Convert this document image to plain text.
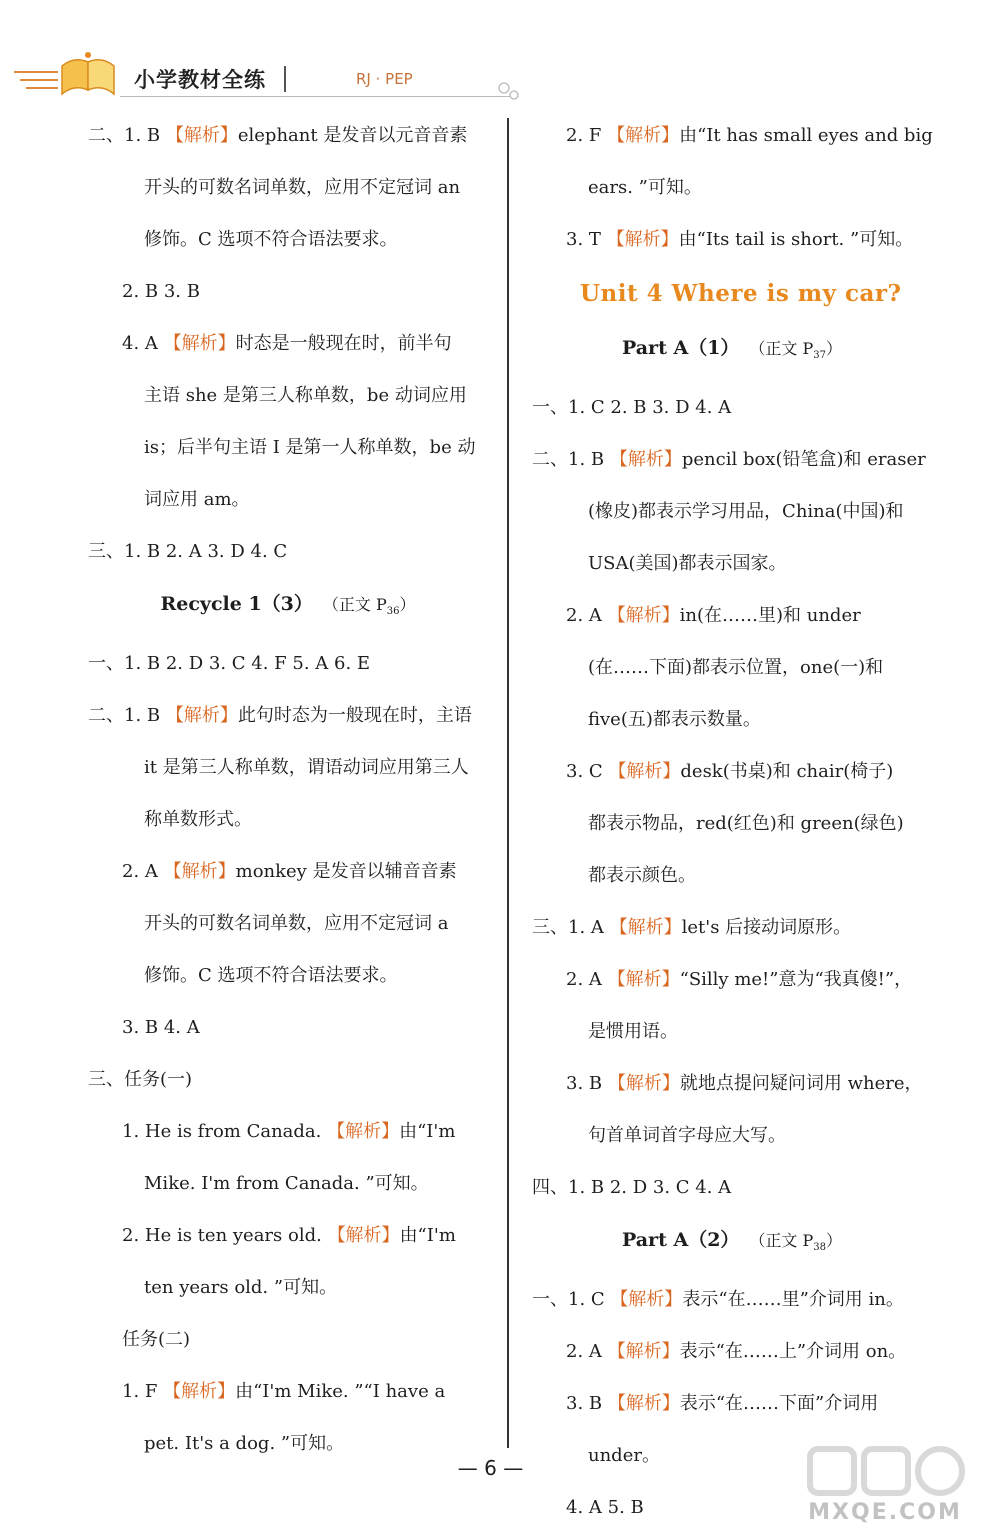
小学教材全练	RJ · PEP
二、1. B 【解析】elephant 是发音以元音音素
开头的可数名词单数，应用不定冠词 an
修饰。C 选项不符合语法要求。
2. B 3. B
4. A 【解析】时态是一般现在时，前半句
主语 she 是第三人称单数，be 动词应用
is；后半句主语 I 是第一人称单数，be 动
词应用 am。
三、1. B 2. A 3. D 4. C
Recycle 1（3） （正文 $P_{36}$）
一、1. B 2. D 3. C 4. F 5. A 6. E
二、1. B 【解析】此句时态为一般现在时，主语
it 是第三人称单数，谓语动词应用第三人
称单数形式。
2. A 【解析】monkey 是发音以辅音音素
开头的可数名词单数，应用不定冠词 a
修饰。C 选项不符合语法要求。
3. B 4. A
三、任务(一)
1. He is from Canada. 【解析】由“I'm
Mike. I'm from Canada. ”可知。
2. He is ten years old. 【解析】由“I'm
ten years old. ”可知。
任务(二)
1. F 【解析】由“I'm Mike. ”“I have a
pet. It's a dog. ”可知。
2. F 【解析】由“It has small eyes and big
ears. ”可知。
3. T 【解析】由“Its tail is short. ”可知。
Unit 4 Where is my car?
Part A（1） （正文 $P_{37}$）
一、1. C 2. B 3. D 4. A
二、1. B 【解析】pencil box(铅笔盒)和 eraser
(橡皮)都表示学习用品，China(中国)和
USA(美国)都表示国家。
2. A 【解析】in(在……里)和 under
(在……下面)都表示位置，one(一)和
five(五)都表示数量。
3. C 【解析】desk(书桌)和 chair(椅子)
都表示物品，red(红色)和 green(绿色)
都表示颜色。
三、1. A 【解析】let's 后接动词原形。
2. A 【解析】“Silly me!”意为“我真傻!”，
是惯用语。
3. B 【解析】就地点提问疑问词用 where，
句首单词首字母应大写。
四、1. B 2. D 3. C 4. A
Part A（2） （正文 $P_{38}$）
一、1. C 【解析】表示“在……里”介词用 in。
2. A 【解析】表示“在……上”介词用 on。
3. B 【解析】表示“在……下面”介词用
under。
4. A 5. B
— 6 —
MXQE.COM
